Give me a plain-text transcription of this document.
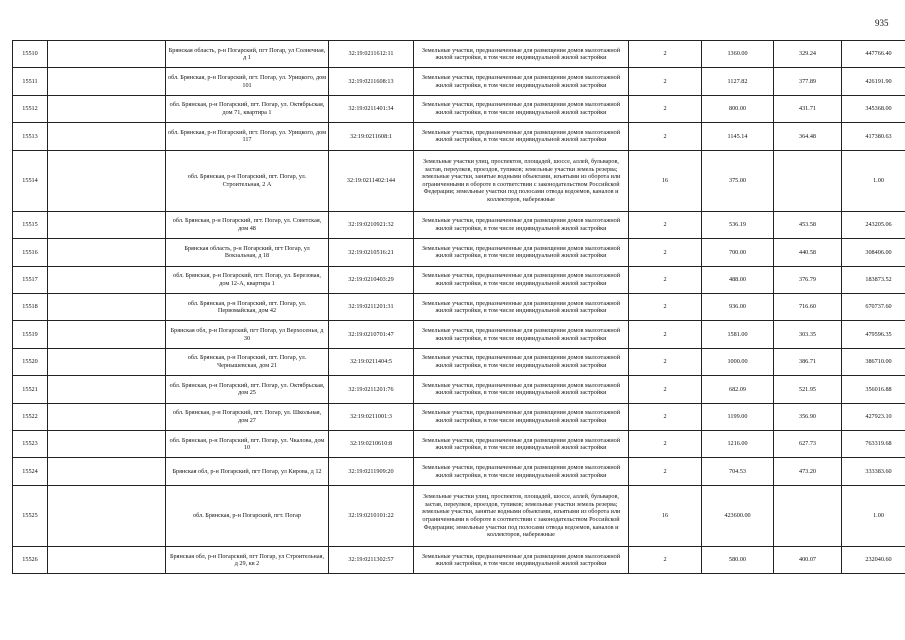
935
15510		Брянская область, р-н Погарский, пгт Погар, ул Солнечная, д 1	32:19:0211612:11	Земельные участки, предназначенные для размещения домов малоэтажной жилой застройки, в том числе индивидуальной жилой застройки	2	1360.00	329.24	447766.40
15511		обл. Брянская, р-н Погарский, пгт. Погар, ул. Урицкого, дом 101	32:19:0211608:13	Земельные участки, предназначенные для размещения домов малоэтажной жилой застройки, в том числе индивидуальной жилой застройки	2	1127.82	377.89	426191.90
15512		обл. Брянская, р-н Погарский, пгт. Погар, ул. Октябрьская, дом 71, квартира 1	32:19:0211401:34	Земельные участки, предназначенные для размещения домов малоэтажной жилой застройки, в том числе индивидуальной жилой застройки	2	800.00	431.71	345368.00
15513		обл. Брянская, р-н Погарский, пгт. Погар, ул. Урицкого, дом 117	32:19:0211608:1	Земельные участки, предназначенные для размещения домов малоэтажной жилой застройки, в том числе индивидуальной жилой застройки	2	1145.14	364.48	417380.63
15514		обл. Брянская, р-н Погарский, пгт. Погар, ул. Строительная, 2 А	32:19:0211402:144	Земельные участки улиц, проспектов, площадей, шоссе, аллей, бульваров, застав, переулков, проездов, тупиков; земельные участки земель резерва; земельные участки, занятые водными объектами, изъятыми из оборота или ограниченными в обороте в соответствии с законодательством Российской Федерации; земельные участки под полосами отвода водоемов, каналов и коллекторов, набережные	16	375.00		1.00
15515		обл. Брянская, р-н Погарский, пгт. Погар, ул. Советская, дом 48	32:19:0210921:32	Земельные участки, предназначенные для размещения домов малоэтажной жилой застройки, в том числе индивидуальной жилой застройки	2	536.19	453.58	243205.06
15516		Брянская область, р-н Погарский, пгт Погар, ул Вокзальная, д 18	32:19:0210516:21	Земельные участки, предназначенные для размещения домов малоэтажной жилой застройки, в том числе индивидуальной жилой застройки	2	700.00	440.58	308406.00
15517		обл. Брянская, р-н Погарский, пгт. Погар, ул. Березовая, дом 12-А, квартира 1	32:19:0210403:29	Земельные участки, предназначенные для размещения домов малоэтажной жилой застройки, в том числе индивидуальной жилой застройки	2	488.00	376.79	183873.52
15518		обл. Брянская, р-н Погарский, пгт. Погар, ул. Первомайская, дом 42	32:19:0211201:31	Земельные участки, предназначенные для размещения домов малоэтажной жилой застройки, в том числе индивидуальной жилой застройки	2	936.00	716.60	670737.60
15519		Брянская обл, р-н Погарский, пгт Погар, ул Верхосенья, д 30	32:19:0210701:47	Земельные участки, предназначенные для размещения домов малоэтажной жилой застройки, в том числе индивидуальной жилой застройки	2	1581.00	303.35	479596.35
15520		обл. Брянская, р-н Погарский, пгт. Погар, ул. Чернышевская, дом 21	32:19:0211404:5	Земельные участки, предназначенные для размещения домов малоэтажной жилой застройки, в том числе индивидуальной жилой застройки	2	1000.00	386.71	386710.00
15521		обл. Брянская, р-н Погарский, пгт. Погар, ул. Октябрьская, дом 25	32:19:0211201:76	Земельные участки, предназначенные для размещения домов малоэтажной жилой застройки, в том числе индивидуальной жилой застройки	2	682.09	521.95	356016.88
15522		обл. Брянская, р-н Погарский, пгт. Погар, ул. Школьная, дом 27	32:19:0211001:3	Земельные участки, предназначенные для размещения домов малоэтажной жилой застройки, в том числе индивидуальной жилой застройки	2	1199.00	356.90	427923.10
15523		обл. Брянская, р-н Погарский, пгт. Погар, ул. Чкалова, дом 10	32:19:0210610:8	Земельные участки, предназначенные для размещения домов малоэтажной жилой застройки, в том числе индивидуальной жилой застройки	2	1216.00	627.73	763319.68
15524		Брянская обл, р-н Погарский, пгт Погар, ул Кирова, д 12	32:19:0211909:20	Земельные участки, предназначенные для размещения домов малоэтажной жилой застройки, в том числе индивидуальной жилой застройки	2	704.53	473.20	333383.60
15525		обл. Брянская, р-н Погарский, пгт. Погар	32:19:0210101:22	Земельные участки улиц, проспектов, площадей, шоссе, аллей, бульваров, застав, переулков, проездов, тупиков; земельные участки земель резерва; земельные участки, занятые водными объектами, изъятыми из оборота или ограниченными в обороте в соответствии с законодательством Российской Федерации; земельные участки под полосами отвода водоемов, каналов и коллекторов, набережные	16	423600.00		1.00
15526		Брянская обл, р-н Погарский, пгт Погар, ул Строительная, д 29, кв 2	32:19:0211302:57	Земельные участки, предназначенные для размещения домов малоэтажной жилой застройки, в том числе индивидуальной жилой застройки	2	580.00	400.07	232040.60
